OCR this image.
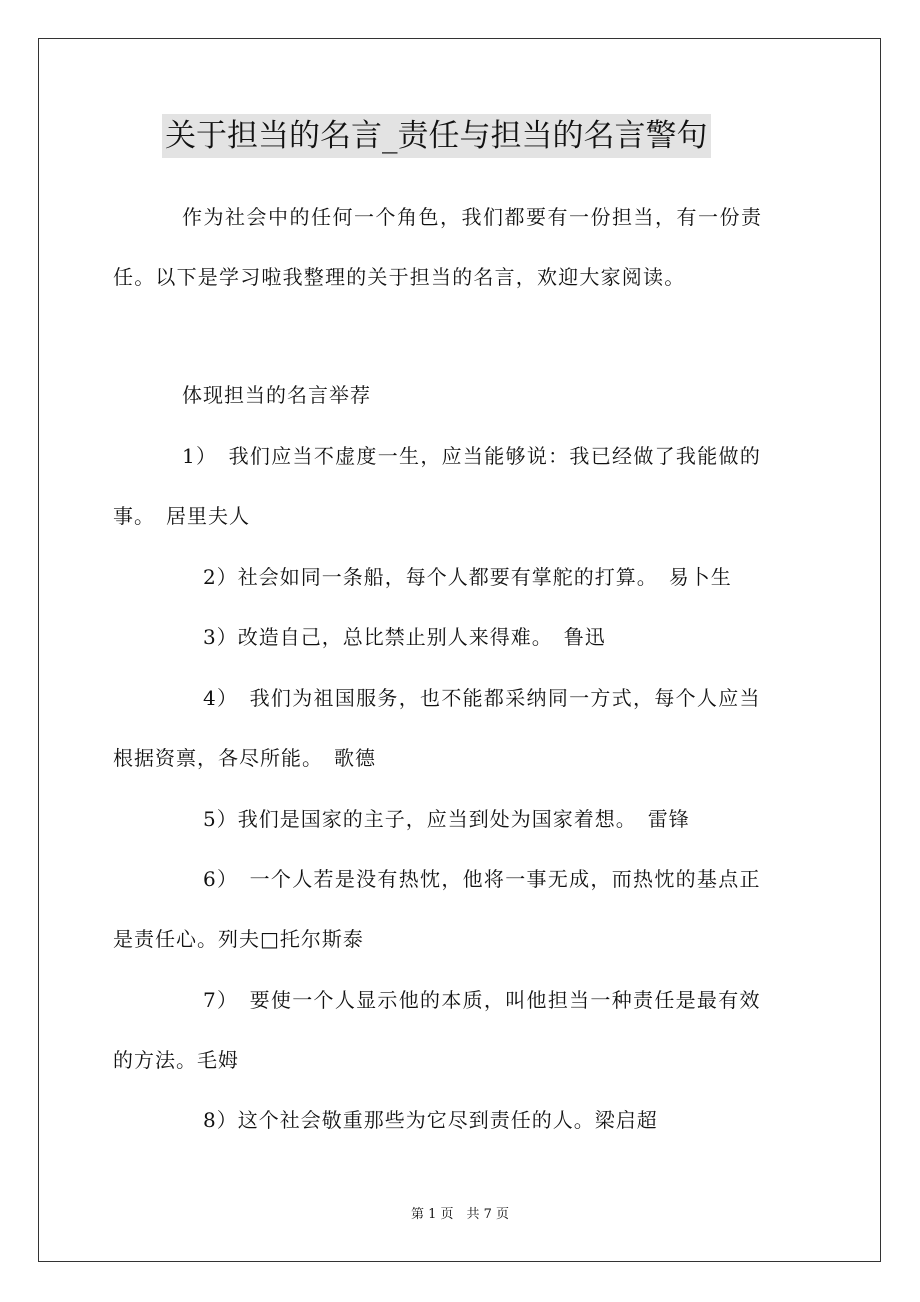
关于担当的名言_责任与担当的名言警句
作为社会中的任何一个角色，我们都要有一份担当，有一份责
任。以下是学习啦我整理的关于担当的名言，欢迎大家阅读。
体现担当的名言举荐
1）　我们应当不虚度一生，应当能够说：我已经做了我能做的
事。　居里夫人
2）社会如同一条船，每个人都要有掌舵的打算。　易卜生
3）改造自己，总比禁止别人来得难。　鲁迅
4）　我们为祖国服务，也不能都采纳同一方式，每个人应当
根据资禀，各尽所能。　歌德
5）我们是国家的主子，应当到处为国家着想。　雷锋
6）　一个人若是没有热忱，他将一事无成，而热忱的基点正
是责任心。列夫□托尔斯泰
7）　要使一个人显示他的本质，叫他担当一种责任是最有效
的方法。毛姆
8）这个社会敬重那些为它尽到责任的人。梁启超
第 1 页　共 7 页
